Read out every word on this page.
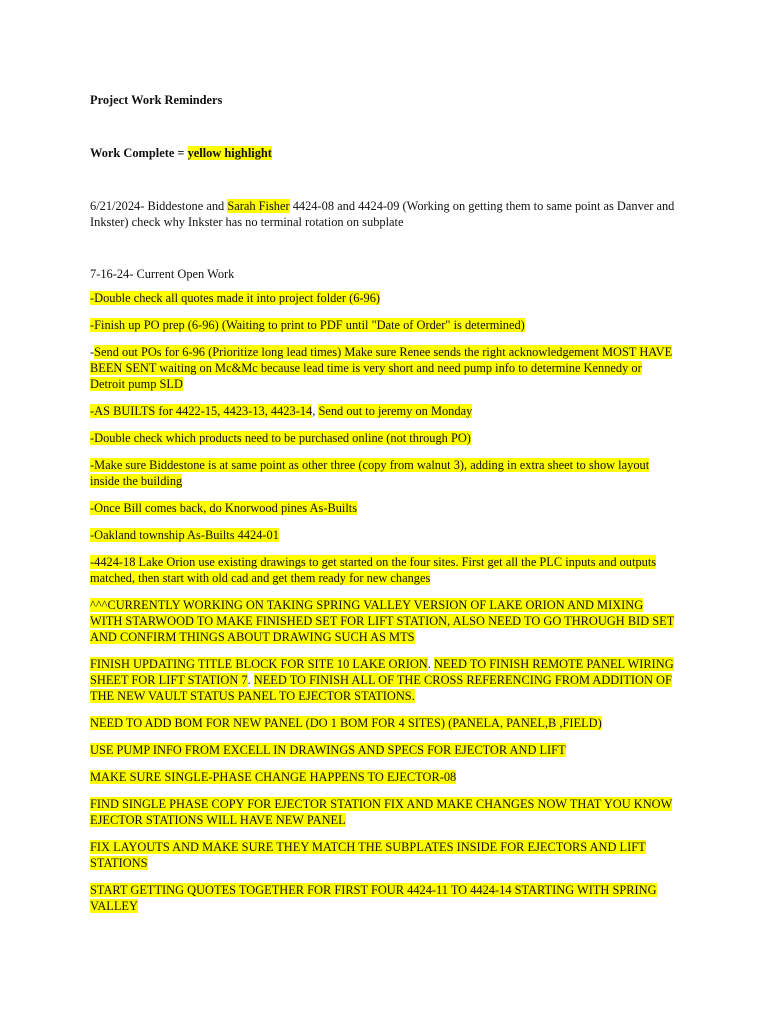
Project Work Reminders

Work Complete = yellow highlight

6/21/2024- Biddestone and Sarah Fisher 4424-08 and 4424-09 (Working on getting them to same point as Danver and Inkster) check why Inkster has no terminal rotation on subplate

7-16-24- Current Open Work

-Double check all quotes made it into project folder (6-96)

-Finish up PO prep (6-96) (Waiting to print to PDF until "Date of Order" is determined)

-Send out POs for 6-96 (Prioritize long lead times) Make sure Renee sends the right acknowledgement MOST HAVE BEEN SENT waiting on Mc&Mc because lead time is very short and need pump info to determine Kennedy or Detroit pump SLD

-AS BUILTS for 4422-15, 4423-13, 4423-14, Send out to jeremy on Monday

-Double check which products need to be purchased online (not through PO)

-Make sure Biddestone is at same point as other three (copy from walnut 3), adding in extra sheet to show layout inside the building

-Once Bill comes back, do Knorwood pines As-Builts

-Oakland township As-Builts 4424-01

-4424-18 Lake Orion use existing drawings to get started on the four sites. First get all the PLC inputs and outputs matched, then start with old cad and get them ready for new changes

^^^CURRENTLY WORKING ON TAKING SPRING VALLEY VERSION OF LAKE ORION AND MIXING WITH STARWOOD TO MAKE FINISHED SET FOR LIFT STATION, ALSO NEED TO GO THROUGH BID SET AND CONFIRM THINGS ABOUT DRAWING SUCH AS MTS

FINISH UPDATING TITLE BLOCK FOR SITE 10 LAKE ORION. NEED TO FINISH REMOTE PANEL WIRING SHEET FOR LIFT STATION 7. NEED TO FINISH ALL OF THE CROSS REFERENCING FROM ADDITION OF THE NEW VAULT STATUS PANEL TO EJECTOR STATIONS.

NEED TO ADD BOM FOR NEW PANEL (DO 1 BOM FOR 4 SITES) (PANELA, PANEL,B ,FIELD)

USE PUMP INFO FROM EXCELL IN DRAWINGS AND SPECS FOR EJECTOR AND LIFT

MAKE SURE SINGLE-PHASE CHANGE HAPPENS TO EJECTOR-08

FIND SINGLE PHASE COPY FOR EJECTOR STATION FIX AND MAKE CHANGES NOW THAT YOU KNOW EJECTOR STATIONS WILL HAVE NEW PANEL

FIX LAYOUTS AND MAKE SURE THEY MATCH THE SUBPLATES INSIDE FOR EJECTORS AND LIFT STATIONS

START GETTING QUOTES TOGETHER FOR FIRST FOUR 4424-11 TO 4424-14 STARTING WITH SPRING VALLEY
